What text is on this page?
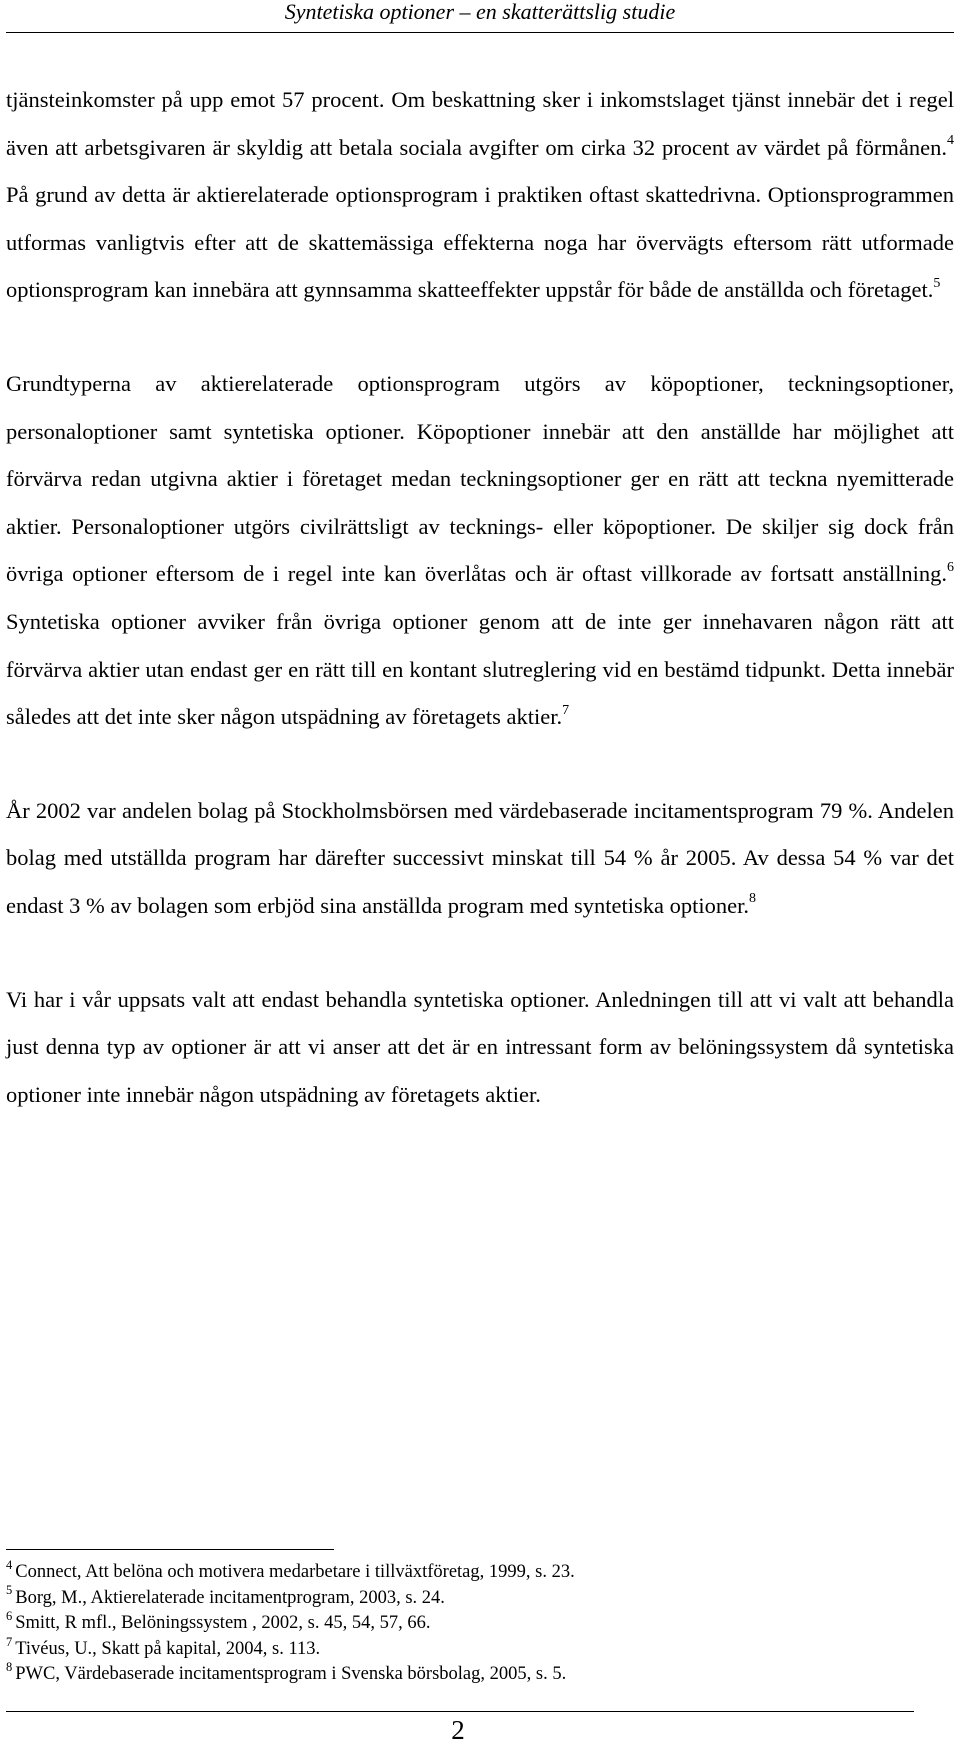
Syntetiska optioner – en skatterättslig studie

tjänsteinkomster på upp emot 57 procent. Om beskattning sker i inkomstslaget tjänst innebär det i regel även att arbetsgivaren är skyldig att betala sociala avgifter om cirka 32 procent av värdet på förmånen.$^4$ På grund av detta är aktierelaterade optionsprogram i praktiken oftast skattedrivna. Optionsprogrammen utformas vanligtvis efter att de skattemässiga effekterna noga har övervägts eftersom rätt utformade optionsprogram kan innebära att gynnsamma skatteeffekter uppstår för både de anställda och företaget.$^5$

Grundtyperna av aktierelaterade optionsprogram utgörs av köpoptioner, teckningsoptioner, personaloptioner samt syntetiska optioner. Köpoptioner innebär att den anställde har möjlighet att förvärva redan utgivna aktier i företaget medan teckningsoptioner ger en rätt att teckna nyemitterade aktier. Personaloptioner utgörs civilrättsligt av tecknings- eller köpoptioner. De skiljer sig dock från övriga optioner eftersom de i regel inte kan överlåtas och är oftast villkorade av fortsatt anställning.$^6$ Syntetiska optioner avviker från övriga optioner genom att de inte ger innehavaren någon rätt att förvärva aktier utan endast ger en rätt till en kontant slutreglering vid en bestämd tidpunkt. Detta innebär således att det inte sker någon utspädning av företagets aktier.$^7$

År 2002 var andelen bolag på Stockholmsbörsen med värdebaserade incitamentsprogram 79 %. Andelen bolag med utställda program har därefter successivt minskat till 54 % år 2005. Av dessa 54 % var det endast 3 % av bolagen som erbjöd sina anställda program med syntetiska optioner.$^8$

Vi har i vår uppsats valt att endast behandla syntetiska optioner. Anledningen till att vi valt att behandla just denna typ av optioner är att vi anser att det är en intressant form av belöningssystem då syntetiska optioner inte innebär någon utspädning av företagets aktier.

$^4$ Connect, Att belöna och motivera medarbetare i tillväxtföretag, 1999, s. 23.
$^5$ Borg, M., Aktierelaterade incitamentprogram, 2003, s. 24.
$^6$ Smitt, R mfl., Belöningssystem , 2002, s. 45, 54, 57, 66.
$^7$ Tivéus, U., Skatt på kapital, 2004, s. 113.
$^8$ PWC, Värdebaserade incitamentsprogram i Svenska börsbolag, 2005, s. 5.
2
